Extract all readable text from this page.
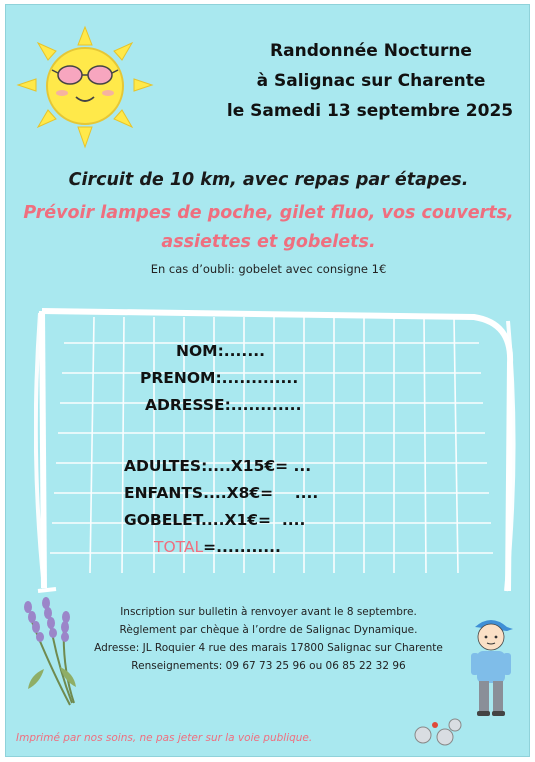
Randonnée Nocturne
à Salignac sur Charente
le Samedi 13 septembre 2025
Circuit de 10 km, avec repas par étapes.
Prévoir lampes de poche, gilet fluo, vos couverts,
assiettes et gobelets.
En cas d’oubli: gobelet avec consigne 1€
NOM:.......
PRENOM:.............
ADRESSE:............
ADULTES:....X15€= ...
ENFANTS....X8€=    ....
GOBELET....X1€=  ....
TOTAL=...........
Inscription sur bulletin à renvoyer avant le 8 septembre.
Règlement par chèque à l’ordre de Salignac Dynamique.
Adresse: JL Roquier 4 rue des marais 17800 Salignac sur Charente
Renseignements: 09 67 73 25 96 ou 06 85 22 32 96
Imprimé par nos soins, ne pas jeter sur la voie publique.
